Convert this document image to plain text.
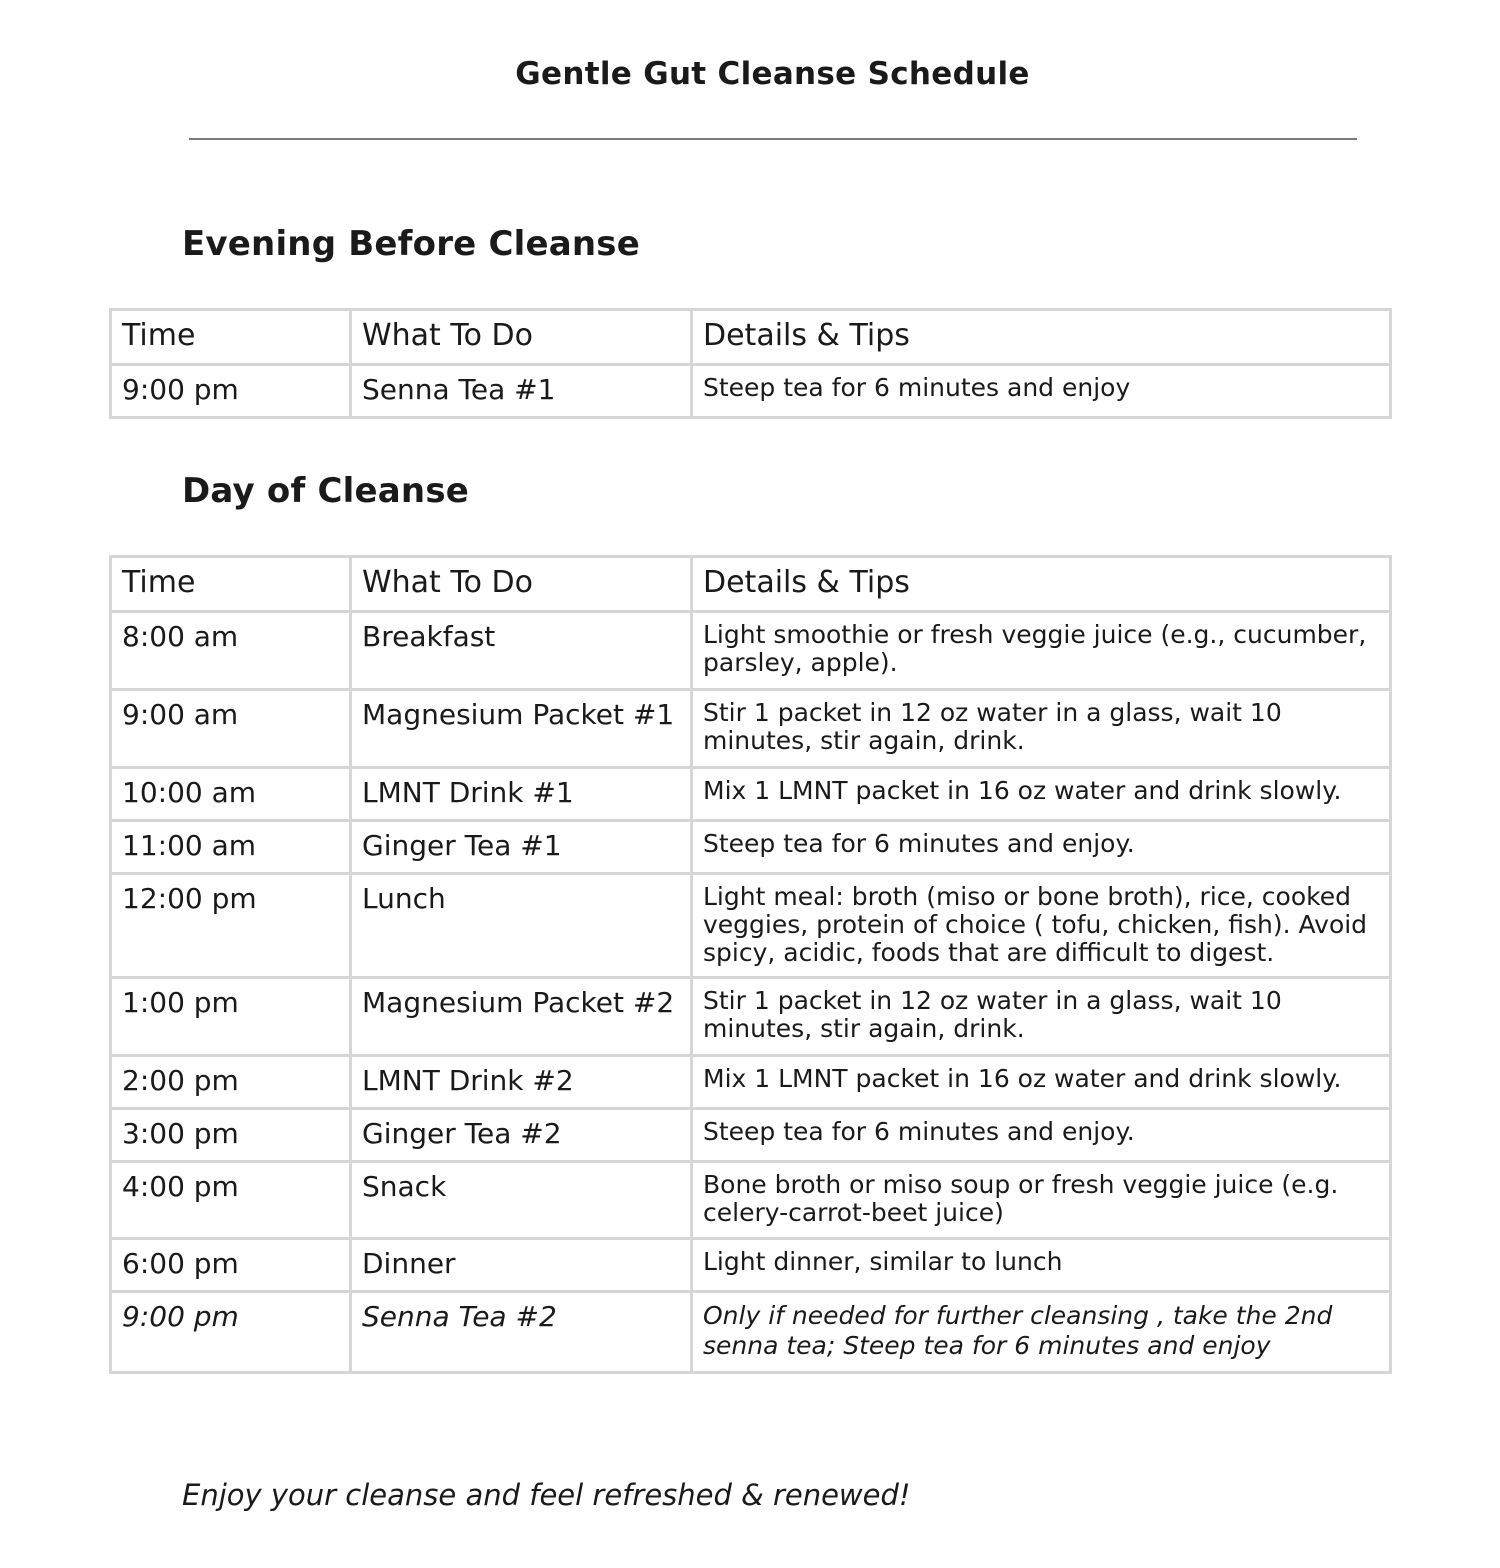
Gentle Gut Cleanse Schedule
Evening Before Cleanse
Time	What To Do	Details & Tips
9:00 pm	Senna Tea #1	Steep tea for 6 minutes and enjoy
Day of Cleanse
Time	What To Do	Details & Tips
8:00 am	Breakfast	Light smoothie or fresh veggie juice (e.g., cucumber, parsley, apple).
9:00 am	Magnesium Packet #1	Stir 1 packet in 12 oz water in a glass, wait 10 minutes, stir again, drink.
10:00 am	LMNT Drink #1	Mix 1 LMNT packet in 16 oz water and drink slowly.
11:00 am	Ginger Tea #1	Steep tea for 6 minutes and enjoy.
12:00 pm	Lunch	Light meal: broth (miso or bone broth), rice, cooked veggies, protein of choice ( tofu, chicken, fish). Avoid spicy, acidic, foods that are difficult to digest.
1:00 pm	Magnesium Packet #2	Stir 1 packet in 12 oz water in a glass, wait 10 minutes, stir again, drink.
2:00 pm	LMNT Drink #2	Mix 1 LMNT packet in 16 oz water and drink slowly.
3:00 pm	Ginger Tea #2	Steep tea for 6 minutes and enjoy.
4:00 pm	Snack	Bone broth or miso soup or fresh veggie juice (e.g. celery-carrot-beet juice)
6:00 pm	Dinner	Light dinner, similar to lunch
9:00 pm	Senna Tea #2	Only if needed for further cleansing , take the 2nd senna tea; Steep tea for 6 minutes and enjoy

Enjoy your cleanse and feel refreshed & renewed!
